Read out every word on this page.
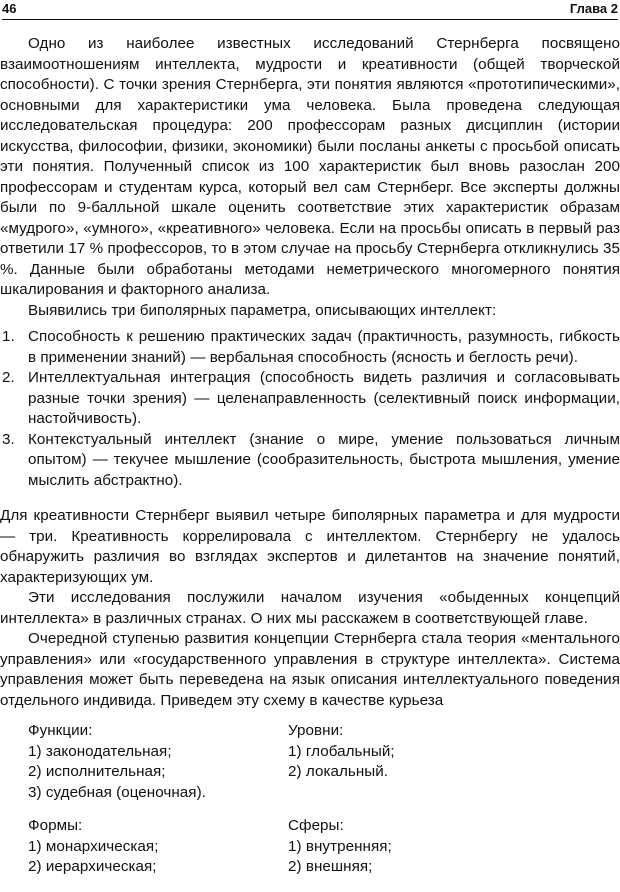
46	Глава 2

Одно из наиболее известных исследований Стернберга посвящено взаимоотношениям интеллекта, мудрости и креативности (общей творческой способности). С точки зрения Стернберга, эти понятия являются «прототипическими», основными для характеристики ума человека. Была проведена следующая исследовательская процедура: 200 профессорам разных дисциплин (истории искусства, философии, физики, экономики) были посланы анкеты с просьбой описать эти понятия. Полученный список из 100 характеристик был вновь разослан 200 профессорам и студентам курса, который вел сам Стернберг. Все эксперты должны были по 9-балльной шкале оценить соответствие этих характеристик образам «мудрого», «умного», «креативного» человека. Если на просьбы описать в первый раз ответили 17 % профессоров, то в этом случае на просьбу Стернберга откликнулись 35 %. Данные были обработаны методами неметрического многомерного понятия шкалирования и факторного анализа.

Выявились три биполярных параметра, описывающих интеллект:

1. Способность к решению практических задач (практичность, разумность, гибкость в применении знаний) — вербальная способность (ясность и беглость речи).
2. Интеллектуальная интеграция (способность видеть различия и согласовывать разные точки зрения) — целенаправленность (селективный поиск информации, настойчивость).
3. Контекстуальный интеллект (знание о мире, умение пользоваться личным опытом) — текучее мышление (сообразительность, быстрота мышления, умение мыслить абстрактно).

Для креативности Стернберг выявил четыре биполярных параметра и для мудрости — три. Креативность коррелировала с интеллектом. Стернбергу не удалось обнаружить различия во взглядах экспертов и дилетантов на значение понятий, характеризующих ум.

Эти исследования послужили началом изучения «обыденных концепций интеллекта» в различных странах. О них мы расскажем в соответствующей главе.

Очередной ступенью развития концепции Стернберга стала теория «ментального управления» или «государственного управления в структуре интеллекта». Система управления может быть переведена на язык описания интеллектуального поведения отдельного индивида. Приведем эту схему в качестве курьеза

Функции:
1) законодательная;
2) исполнительная;
3) судебная (оценочная).
Формы:
1) монархическая;
2) иерархическая;
Уровни:
1) глобальный;
2) локальный.

Сферы:
1) внутренняя;
2) внешняя;
